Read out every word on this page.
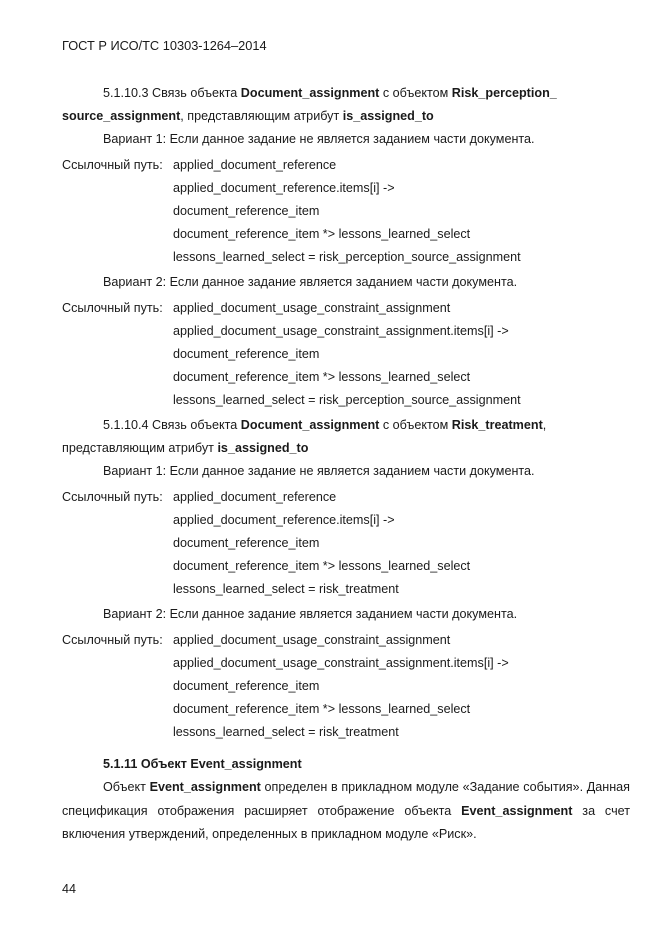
ГОСТ Р ИСО/ТС 10303-1264–2014
5.1.10.3 Связь объекта Document_assignment с объектом Risk_perception_
source_assignment, представляющим атрибут is_assigned_to
Вариант 1: Если данное задание не является заданием части документа.
Ссылочный путь: applied_document_reference
applied_document_reference.items[i] ->
document_reference_item
document_reference_item *> lessons_learned_select
lessons_learned_select = risk_perception_source_assignment
Вариант 2: Если данное задание является заданием части документа.
Ссылочный путь: applied_document_usage_constraint_assignment
applied_document_usage_constraint_assignment.items[i] ->
document_reference_item
document_reference_item *> lessons_learned_select
lessons_learned_select = risk_perception_source_assignment
5.1.10.4 Связь объекта Document_assignment с объектом Risk_treatment,
представляющим атрибут is_assigned_to
Вариант 1: Если данное задание не является заданием части документа.
Ссылочный путь: applied_document_reference
applied_document_reference.items[i] ->
document_reference_item
document_reference_item *> lessons_learned_select
lessons_learned_select = risk_treatment
Вариант 2: Если данное задание является заданием части документа.
Ссылочный путь: applied_document_usage_constraint_assignment
applied_document_usage_constraint_assignment.items[i] ->
document_reference_item
document_reference_item *> lessons_learned_select
lessons_learned_select = risk_treatment
5.1.11 Объект Event_assignment
Объект Event_assignment определен в прикладном модуле «Задание события». Данная спецификация отображения расширяет отображение объекта Event_assignment за счет включения утверждений, определенных в прикладном модуле «Риск».
44
